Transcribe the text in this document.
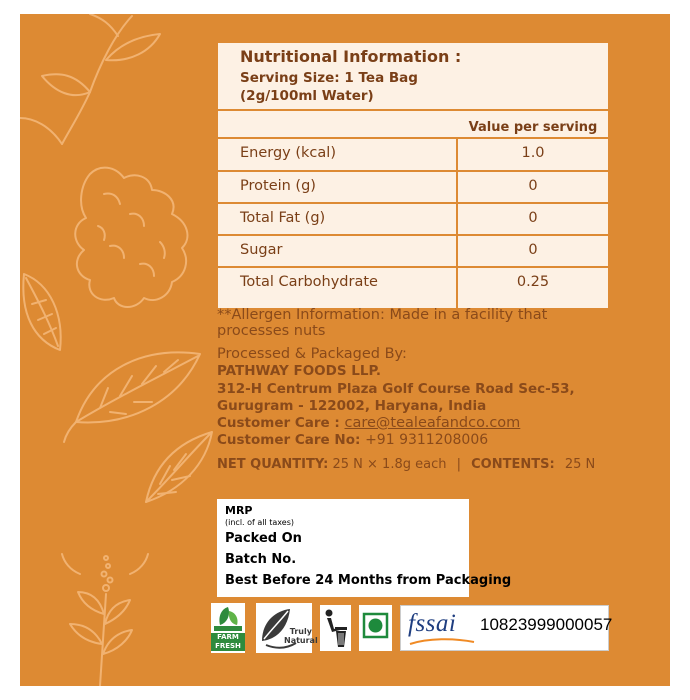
Nutritional Information :
Serving Size: 1 Tea Bag
(2g/100ml Water)
Value per serving
Energy (kcal)	1.0
Protein (g)	0
Total Fat (g)	0
Sugar	0
Total Carbohydrate	0.25
**Allergen Information: Made in a facility that
processes nuts
Processed & Packaged By:
PATHWAY FOODS LLP.
312-H Centrum Plaza Golf Course Road Sec-53,
Gurugram - 122002, Haryana, India
Customer Care : care@tealeafandco.com
Customer Care No: +91 9311208006
NET QUANTITY: 25 N × 1.8g each | CONTENTS: 25 N
MRP
(incl. of all taxes)
Packed On
Batch No.
Best Before 24 Months from Packaging
FARM
FRESH
Truly
Natural
fssai 10823999000057
